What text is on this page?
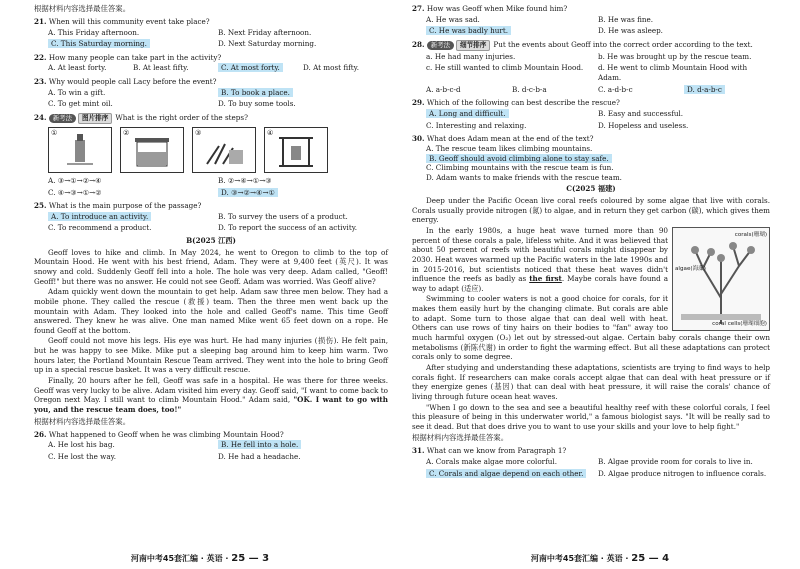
根据材料内容选择最佳答案。

21. When will this community event take place?

A. This Friday afternoon.	B. Next Friday afternoon.
C. This Saturday morning.	D. Next Saturday morning.

22. How many people can take part in the activity?

A. At least forty.	B. At least fifty.	C. At most forty.	D. At most fifty.

23. Why would people call Lacy before the event?

A. To win a gift.	B. To book a place.
C. To get mint oil.	D. To buy some tools.

24. 新考法 图片排序 What is the right order of the steps?

①	②	③	④
A. ③→①→②→④	B. ②→④→①→③
C. ④→③→①→②	D. ③→②→④→①

25. What is the main purpose of the passage?

A. To introduce an activity.	B. To survey the users of a product.
C. To recommend a product.	D. To report the success of an activity.

B(2025 江西)

Geoff loves to hike and climb. In May 2024, he went to Oregon to climb to the top of Mountain Hood. He went with his best friend, Adam. They were at 9,400 feet (英尺). It was snowy and cold. Suddenly Geoff fell into a hole. The hole was very deep. Adam called, "Geoff! Geoff!" but there was no answer. He could not see Geoff. Adam was worried. Was Geoff alive?

Adam quickly went down the mountain to get help. Adam saw three men below. They had a mobile phone. They called the rescue (救援) team. Then the three men went back up the mountain with Adam. They looked into the hole and called Geoff's name. This time Geoff answered. They knew he was alive. One man named Mike went 65 feet down on a rope. He found Geoff at the bottom.

Geoff could not move his legs. His eye was hurt. He had many injuries (损伤). He felt pain, but he was happy to see Mike. Mike put a sleeping bag around him to keep him warm. Two hours later, the Portland Mountain Rescue Team arrived. They went into the hole to bring Geoff up in a special rescue basket. It was a very difficult rescue.

Finally, 20 hours after he fell, Geoff was safe in a hospital. He was there for three weeks. Geoff was very lucky to be alive. Adam visited him every day. Geoff said, "I want to come back to Oregon next May. I still want to climb Mountain Hood." Adam said, "OK. I want to go with you, and the rescue team does, too!"

根据材料内容选择最佳答案。

26. What happened to Geoff when he was climbing Mountain Hood?

A. He lost his bag.	B. He fell into a hole.
C. He lost the way.	D. He had a headache.
河南中考45套汇编 · 英语 · 25 — 3

27. How was Geoff when Mike found him?

A. He was sad.	B. He was fine.
C. He was badly hurt.	D. He was asleep.

28. 新考法 细节排序 Put the events about Geoff into the correct order according to the text.

a. He had many injuries.	b. He was brought up by the rescue team.
c. He still wanted to climb Mountain Hood.	d. He went to climb Mountain Hood with Adam.
A. a-b-c-d	B. d-c-b-a	C. a-d-b-c	D. d-a-b-c

29. Which of the following can best describe the rescue?

A. Long and difficult.	B. Easy and successful.
C. Interesting and relaxing.	D. Hopeless and useless.

30. What does Adam mean at the end of the text?

A. The rescue team likes climbing mountains.

B. Geoff should avoid climbing alone to stay safe.

C. Climbing mountains with the rescue team is fun.

D. Adam wants to make friends with the rescue team.

C(2025 福建)

Deep under the Pacific Ocean live coral reefs coloured by some algae that live with corals. Corals usually provide nitrogen (氮) to algae, and in return they get carbon (碳), which gives them energy.

corals(珊瑚)
algae(海藻)
coral cells(珊瑚细胞)

In the early 1980s, a huge heat wave turned more than 90 percent of these corals a pale, lifeless white. And it was believed that about 50 percent of reefs with beautiful corals might disappear by 2030. Heat waves warmed up the Pacific waters in the late 1990s and in 2015-2016, but scientists noticed that these heat waves didn't influence the reefs as badly as the first. Maybe corals have found a way to adapt (适应).

Swimming to cooler waters is not a good choice for corals, for it makes them easily hurt by the changing climate. But corals are able to adapt. Some turn to those algae that can deal well with heat. Others can use rows of tiny hairs on their bodies to "fan" away too much harmful oxygen (O₂) let out by stressed-out algae. Certain baby corals change their own metabolisms (新陈代谢) in order to fight the warming effect. But all these adaptations can protect corals only to some degree.

After studying and understanding these adaptations, scientists are trying to find ways to help corals fight. If researchers can make corals accept algae that can deal with heat pressure or if they energize genes (基因) that can deal with heat pressure, it will raise the corals' chance of living through future ocean heat waves.

"When I go down to the sea and see a beautiful healthy reef with these colorful corals, I feel this pleasure of being in this underwater world," a famous biologist says. "It will be really sad to see it dead. But that does drive you to want to use your skills and your love to help fight."

根据材料内容选择最佳答案。

31. What can we know from Paragraph 1?

A. Corals make algae more colorful.	B. Algae provide room for corals to live in.
C. Corals and algae depend on each other.	D. Algae produce nitrogen to influence corals.
河南中考45套汇编 · 英语 · 25 — 4
